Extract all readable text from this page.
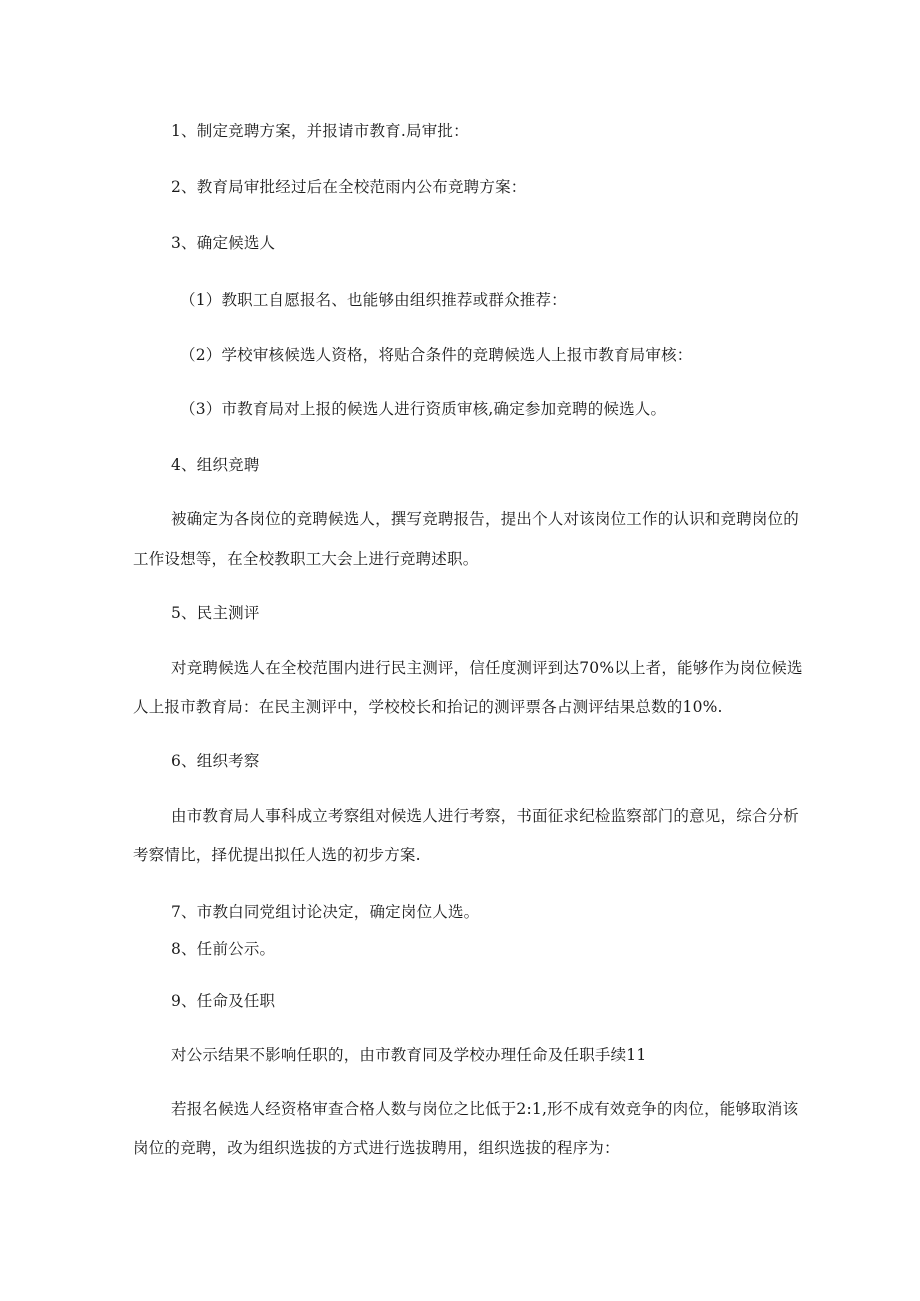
1、制定竞聘方案，并报请市教育.局审批：
2、教育局审批经过后在全校范雨内公布竞聘方案：
3、确定候选人
（1）教职工自愿报名、也能够由组织推荐或群众推荐：
（2）学校审核候选人资格，将贴合条件的竞聘候选人上报市教育局审核：
（3）市教育局对上报的候选人进行资质审核,确定参加竞聘的候选人。
4、组织竞聘
被确定为各岗位的竞聘候选人，撰写竞聘报告，提出个人对该岗位工作的认识和竞聘岗位的
工作设想等，在全校教职工大会上进行竞聘述职。
5、民主测评
对竞聘候选人在全校范围内进行民主测评，信任度测评到达70%以上者，能够作为岗位候选
人上报市教育局：在民主测评中，学校校长和抬记的测评票各占测评结果总数的10%.
6、组织考察
由市教育局人事科成立考察组对候选人进行考察，书面征求纪检监察部门的意见，综合分析
考察情比，择优提出拟任人选的初步方案.
7、市教白同党组讨论决定，确定岗位人选。
8、任前公示。
9、任命及任职
对公示结果不影响任职的，由市教育同及学校办理任命及任职手续11
若报名候选人经资格审查合格人数与岗位之比低于2:1,形不成有效竞争的肉位，能够取消该
岗位的竞聘，改为组织选拔的方式进行选拔聘用，组织选拔的程序为：
